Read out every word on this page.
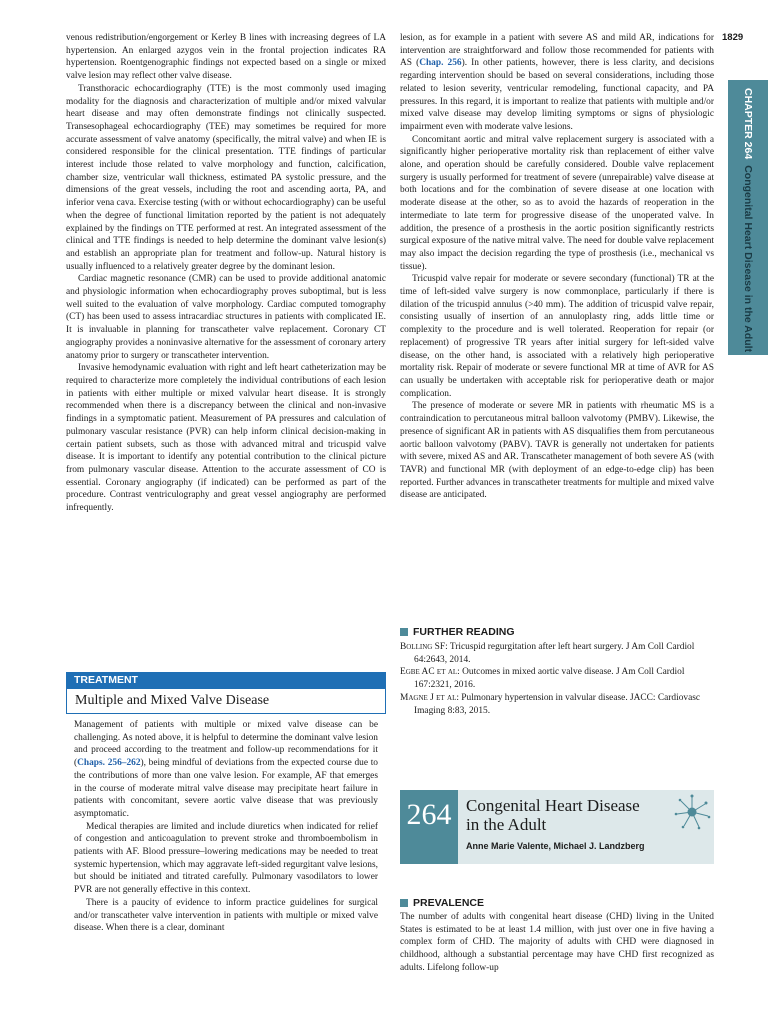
1829
CHAPTER 264
Congenital Heart Disease in the Adult

venous redistribution/engorgement or Kerley B lines with increasing degrees of LA hypertension. An enlarged azygos vein in the frontal projection indicates RA hypertension. Roentgenographic findings not expected based on a single or mixed valve lesion may reflect other valve disease.

Transthoracic echocardiography (TTE) is the most commonly used imaging modality for the diagnosis and characterization of multiple and/or mixed valvular heart disease and may often demonstrate findings not clinically suspected. Transesophageal echocardiography (TEE) may sometimes be required for more accurate assessment of valve anatomy (specifically, the mitral valve) and when IE is considered responsible for the clinical presentation. TTE findings of particular interest include those related to valve morphology and function, calcification, chamber size, ventricular wall thickness, estimated PA systolic pressure, and the dimensions of the great vessels, including the root and ascending aorta, PA, and inferior vena cava. Exercise testing (with or without echocardiography) can be useful when the degree of functional limitation reported by the patient is not adequately explained by the findings on TTE performed at rest. An integrated assessment of the clinical and TTE findings is needed to help determine the dominant valve lesion(s) and establish an appropriate plan for treatment and follow-up. Natural history is usually influenced to a relatively greater degree by the dominant lesion.

Cardiac magnetic resonance (CMR) can be used to provide additional anatomic and physiologic information when echocardiography proves suboptimal, but is less well suited to the evaluation of valve morphology. Cardiac computed tomography (CT) has been used to assess intracardiac structures in patients with complicated IE. It is invaluable in planning for transcatheter valve replacement. Coronary CT angiography provides a noninvasive alternative for the assessment of coronary artery anatomy prior to surgery or transcatheter intervention.

Invasive hemodynamic evaluation with right and left heart catheterization may be required to characterize more completely the individual contributions of each lesion in patients with either multiple or mixed valvular heart disease. It is strongly recommended when there is a discrepancy between the clinical and non-invasive findings in a symptomatic patient. Measurement of PA pressures and calculation of pulmonary vascular resistance (PVR) can help inform clinical decision-making in certain patient subsets, such as those with advanced mitral and tricuspid valve disease. It is important to identify any potential contribution to the clinical picture from pulmonary vascular disease. Attention to the accurate assessment of CO is essential. Coronary angiography (if indicated) can be performed as part of the procedure. Contrast ventriculography and great vessel angiography are performed infrequently.

TREATMENT
Multiple and Mixed Valve Disease

Management of patients with multiple or mixed valve disease can be challenging. As noted above, it is helpful to determine the dominant valve lesion and proceed according to the treatment and follow-up recommendations for it (Chaps. 256–262), being mindful of deviations from the expected course due to the contributions of more than one valve lesion. For example, AF that emerges in the course of moderate mitral valve disease may precipitate heart failure in patients with concomitant, severe aortic valve disease that was previously asymptomatic.

Medical therapies are limited and include diuretics when indicated for relief of congestion and anticoagulation to prevent stroke and thromboembolism in patients with AF. Blood pressure–lowering medications may be needed to treat systemic hypertension, which may aggravate left-sided regurgitant valve lesions, but should be initiated and titrated carefully. Pulmonary vasodilators to lower PVR are not generally effective in this context.

There is a paucity of evidence to inform practice guidelines for surgical and/or transcatheter valve intervention in patients with multiple or mixed valve disease. When there is a clear, dominant

lesion, as for example in a patient with severe AS and mild AR, indications for intervention are straightforward and follow those recommended for patients with AS (Chap. 256). In other patients, however, there is less clarity, and decisions regarding intervention should be based on several considerations, including those related to lesion severity, ventricular remodeling, functional capacity, and PA pressures. In this regard, it is important to realize that patients with multiple and/or mixed valve disease may develop limiting symptoms or signs of physiologic impairment even with moderate valve lesions.

Concomitant aortic and mitral valve replacement surgery is associated with a significantly higher perioperative mortality risk than replacement of either valve alone, and operation should be carefully considered. Double valve replacement surgery is usually performed for treatment of severe (unrepairable) valve disease at both locations and for the combination of severe disease at one location with moderate disease at the other, so as to avoid the hazards of reoperation in the intermediate to late term for progressive disease of the unoperated valve. In addition, the presence of a prosthesis in the aortic position significantly restricts surgical exposure of the native mitral valve. The need for double valve replacement may also impact the decision regarding the type of prosthesis (i.e., mechanical vs tissue).

Tricuspid valve repair for moderate or severe secondary (functional) TR at the time of left-sided valve surgery is now commonplace, particularly if there is dilation of the tricuspid annulus (>40 mm). The addition of tricuspid valve repair, consisting usually of insertion of an annuloplasty ring, adds little time or complexity to the procedure and is well tolerated. Reoperation for repair (or replacement) of progressive TR years after initial surgery for left-sided valve disease, on the other hand, is associated with a relatively high perioperative mortality risk. Repair of moderate or severe functional MR at time of AVR for AS can usually be undertaken with acceptable risk for perioperative death or major complication.

The presence of moderate or severe MR in patients with rheumatic MS is a contraindication to percutaneous mitral balloon valvotomy (PMBV). Likewise, the presence of significant AR in patients with AS disqualifies them from percutaneous aortic balloon valvotomy (PABV). TAVR is generally not undertaken for patients with severe, mixed AS and AR. Transcatheter management of both severe AS (with TAVR) and functional MR (with deployment of an edge-to-edge clip) has been reported. Further advances in transcatheter treatments for multiple and mixed valve disease are anticipated.

FURTHER READING

Bolling SF: Tricuspid regurgitation after left heart surgery. J Am Coll Cardiol 64:2643, 2014.

Egbe AC et al: Outcomes in mixed aortic valve disease. J Am Coll Cardiol 167:2321, 2016.

Magne J et al: Pulmonary hypertension in valvular disease. JACC: Cardiovasc Imaging 8:83, 2015.

264 Congenital Heart Disease in the Adult
Anne Marie Valente, Michael J. Landzberg
PREVALENCE
The number of adults with congenital heart disease (CHD) living in the United States is estimated to be at least 1.4 million, with just over one in five having a complex form of CHD. The majority of adults with CHD were diagnosed in childhood, although a substantial percentage may have CHD first recognized as adults. Lifelong follow-up
